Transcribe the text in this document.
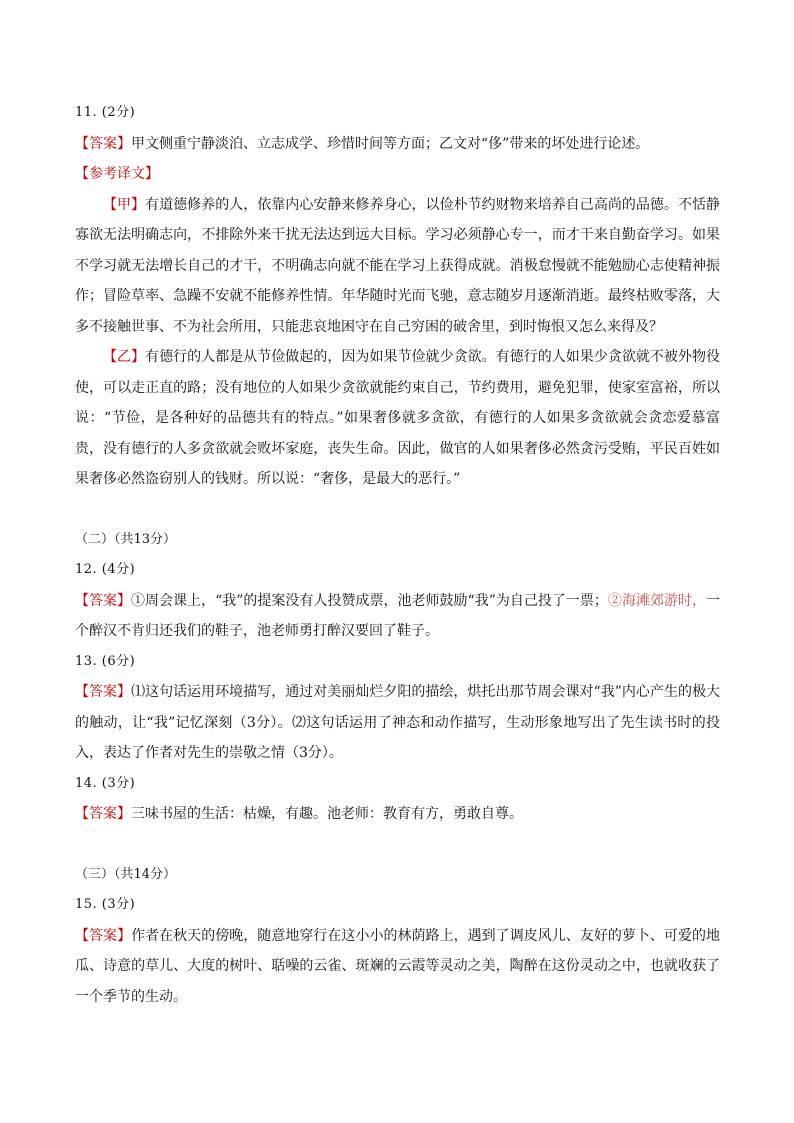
11. (2分)
【答案】甲文侧重宁静淡泊、立志成学、珍惜时间等方面；乙文对“侈”带来的坏处进行论述。
【参考译文】
【甲】有道德修养的人，依靠内心安静来修养身心，以俭朴节约财物来培养自己高尚的品德。不恬静寡欲无法明确志向，不排除外来干扰无法达到远大目标。学习必须静心专一，而才干来自勤奋学习。如果不学习就无法增长自己的才干，不明确志向就不能在学习上获得成就。消极怠慢就不能勉励心志使精神振作；冒险草率、急躁不安就不能修养性情。年华随时光而飞驰，意志随岁月逐渐消逝。最终枯败零落，大多不接触世事、不为社会所用，只能悲哀地困守在自己穷困的破舍里，到时悔恨又怎么来得及？
【乙】有德行的人都是从节俭做起的，因为如果节俭就少贪欲。有德行的人如果少贪欲就不被外物役使，可以走正直的路；没有地位的人如果少贪欲就能约束自己，节约费用，避免犯罪，使家室富裕，所以说：“节俭，是各种好的品德共有的特点。”如果奢侈就多贪欲，有德行的人如果多贪欲就会贪恋爱慕富贵，没有德行的人多贪欲就会败坏家庭，丧失生命。因此，做官的人如果奢侈必然贪污受贿，平民百姓如果奢侈必然盗窃别人的钱财。所以说：“奢侈，是最大的恶行。”
（二）（共13分）
12. (4分)
【答案】①周会课上，“我”的提案没有人投赞成票，池老师鼓励“我”为自己投了一票；②海滩郊游时，一个醉汉不肯归还我们的鞋子，池老师勇打醉汉要回了鞋子。
13. (6分)
【答案】⑴这句话运用环境描写，通过对美丽灿烂夕阳的描绘，烘托出那节周会课对“我”内心产生的极大的触动，让“我”记忆深刻（3分）。⑵这句话运用了神态和动作描写，生动形象地写出了先生读书时的投入，表达了作者对先生的崇敬之情（3分）。
14. (3分)
【答案】三味书屋的生活：枯燥，有趣。池老师：教育有方，勇敢自尊。
（三）（共14分）
15. (3分)
【答案】作者在秋天的傍晚，随意地穿行在这小小的林荫路上，遇到了调皮风儿、友好的萝卜、可爱的地瓜、诗意的草儿、大度的树叶、聒噪的云雀、斑斓的云霞等灵动之美，陶醉在这份灵动之中，也就收获了一个季节的生动。
